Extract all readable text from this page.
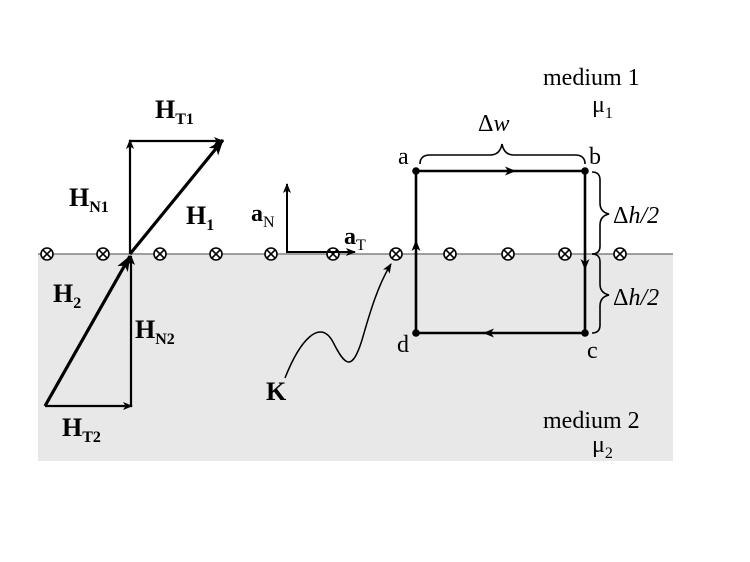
$H_{T1}$
$H_{N1}$	$H_1$
$H_2$
$H_{N2}$
$H_{T2}$
$a_N$
$a_T$
K
a	b
c
d
Δw
Δh/2
Δh/2
medium 1
$\mu_1$
medium 2
$\mu_2$
